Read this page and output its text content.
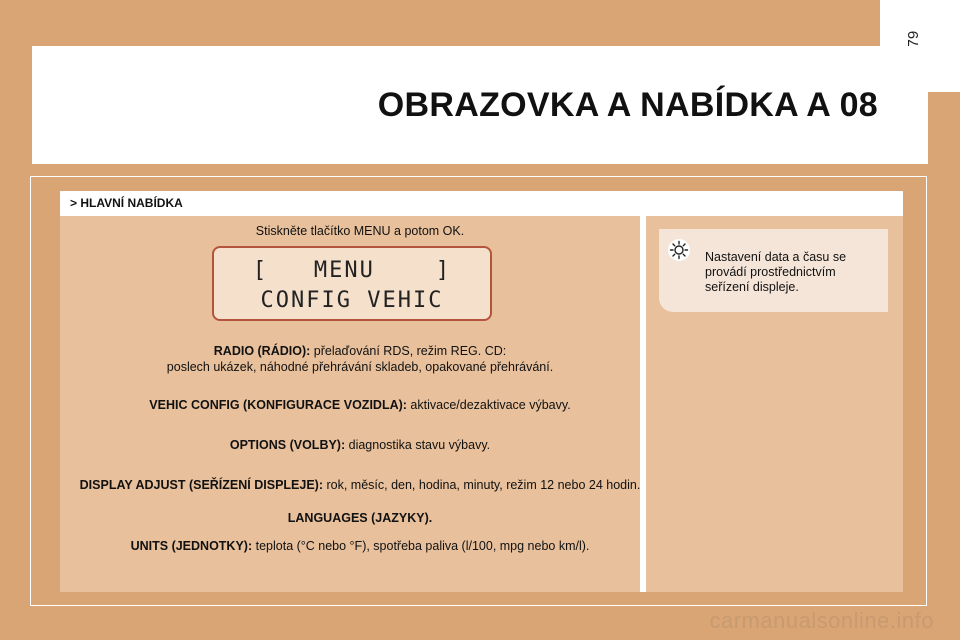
OBRAZOVKA A NABÍDKA A 08
> HLAVNÍ NABÍDKA
Stiskněte tlačítko MENU a potom OK.
[   MENU    ]
CONFIG VEHIC
RADIO (RÁDIO): přelaďování RDS, režim REG. CD:
poslech ukázek, náhodné přehrávání skladeb, opakované přehrávání.
VEHIC CONFIG (KONFIGURACE VOZIDLA): aktivace/dezaktivace výbavy.
OPTIONS (VOLBY): diagnostika stavu výbavy.
DISPLAY ADJUST (SEŘÍZENÍ DISPLEJE): rok, měsíc, den, hodina, minuty, režim 12 nebo 24 hodin.
LANGUAGES (JAZYKY).
UNITS (JEDNOTKY): teplota (°C nebo °F), spotřeba paliva (l/100, mpg nebo km/l).
Nastavení data a času se provádí prostřednictvím seřízení displeje.
carmanualsonline.info
